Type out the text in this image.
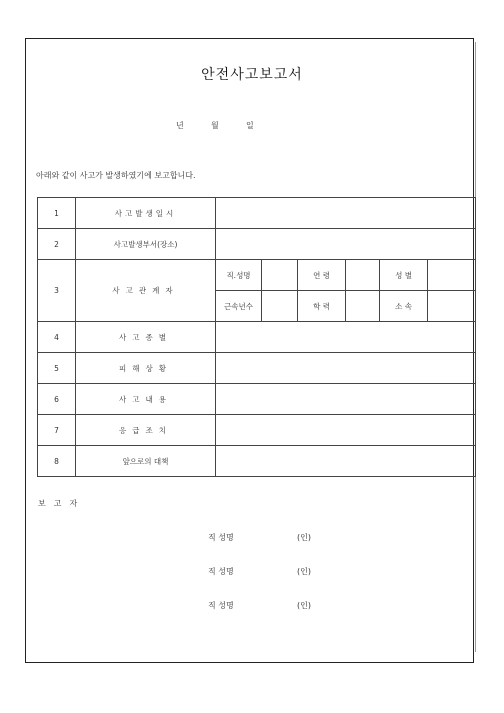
안전사고보고서
년	월	일
아래와 같이 사고가 발생하였기에 보고합니다.
1	사고발생일시						
2	사고발생부서(장소)						
3	사고관계자	직.성명		연 령		성 별	
		근속년수		학 력		소 속	
4	사고종별						
5	피해상황						
6	사고내용						
7	응급조치						
8	앞으로의 대책						
보고자
직 성명	(인)
직 성명	(인)
직 성명	(인)
